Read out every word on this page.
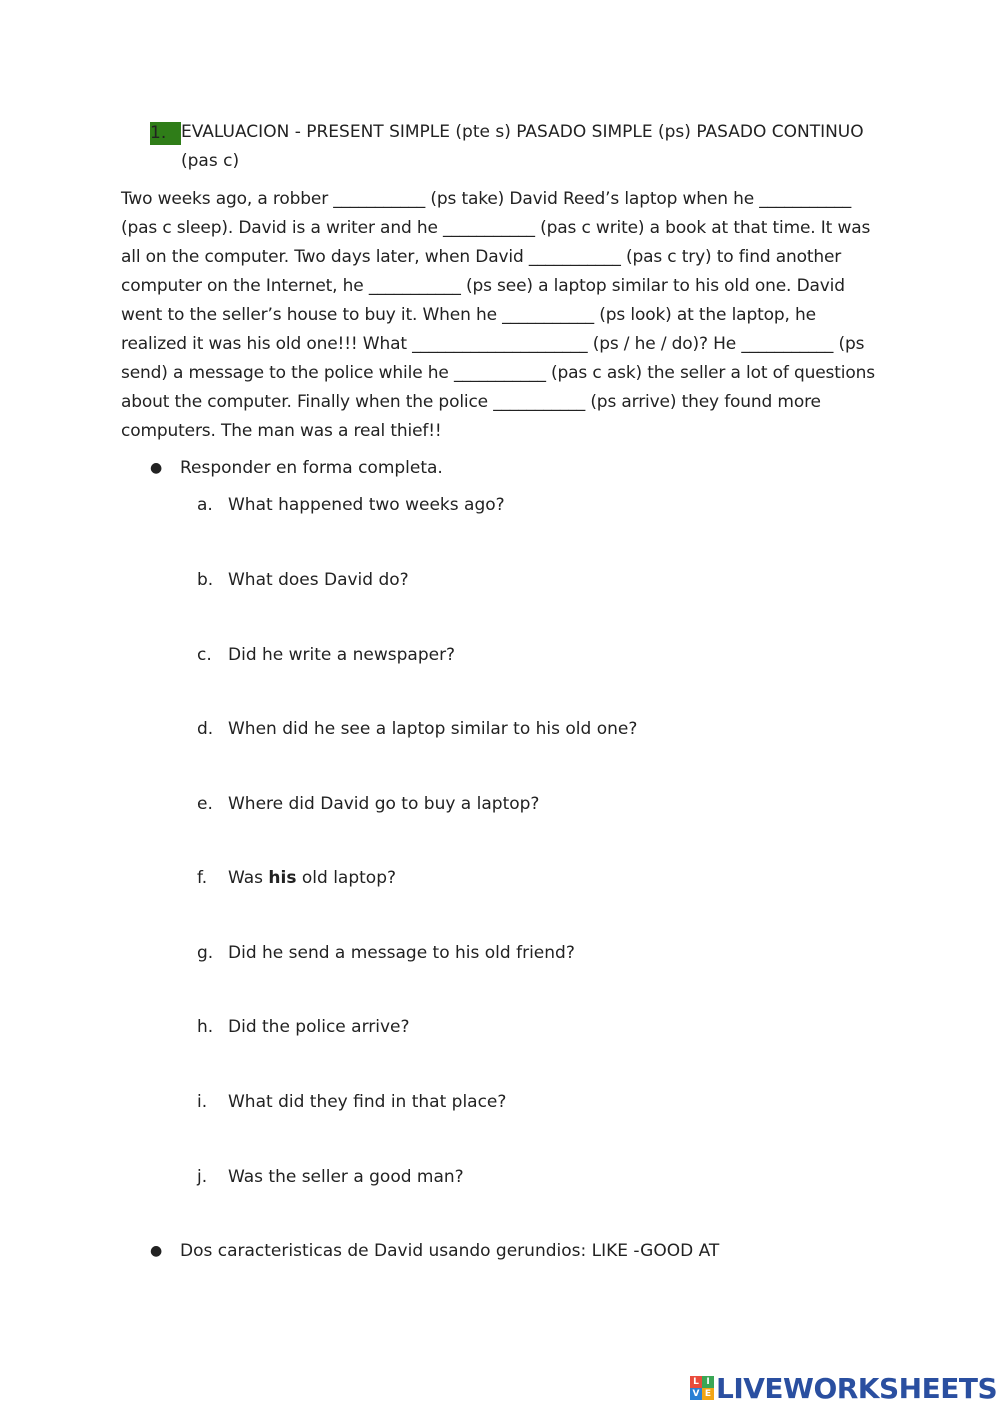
1. EVALUACION - PRESENT SIMPLE (pte s) PASADO SIMPLE (ps) PASADO CONTINUO (pas c)
Two weeks ago, a robber ___________ (ps take) David Reed’s laptop when he ___________ (pas c sleep). David is a writer and he ___________ (pas c write) a book at that time. It was all on the computer. Two days later, when David ___________ (pas c try) to find another computer on the Internet, he ___________ (ps see) a laptop similar to his old one. David went to the seller’s house to buy it. When he ___________ (ps look) at the laptop, he realized it was his old one!!! What _____________________ (ps / he / do)? He ___________ (ps send) a message to the police while he ___________ (pas c ask) the seller a lot of questions about the computer. Finally when the police ___________ (ps arrive) they found more computers. The man was a real thief!!
● Responder en forma completa.
a. What happened two weeks ago?
b. What does David do?
c. Did he write a newspaper?
d. When did he see a laptop similar to his old one?
e. Where did David go to buy a laptop?
f. Was his old laptop?
g. Did he send a message to his old friend?
h. Did the police arrive?
i. What did they find in that place?
j. Was the seller a good man?
● Dos caracteristicas de David usando gerundios: LIKE -GOOD AT
L I
V E LIVEWORKSHEETS
